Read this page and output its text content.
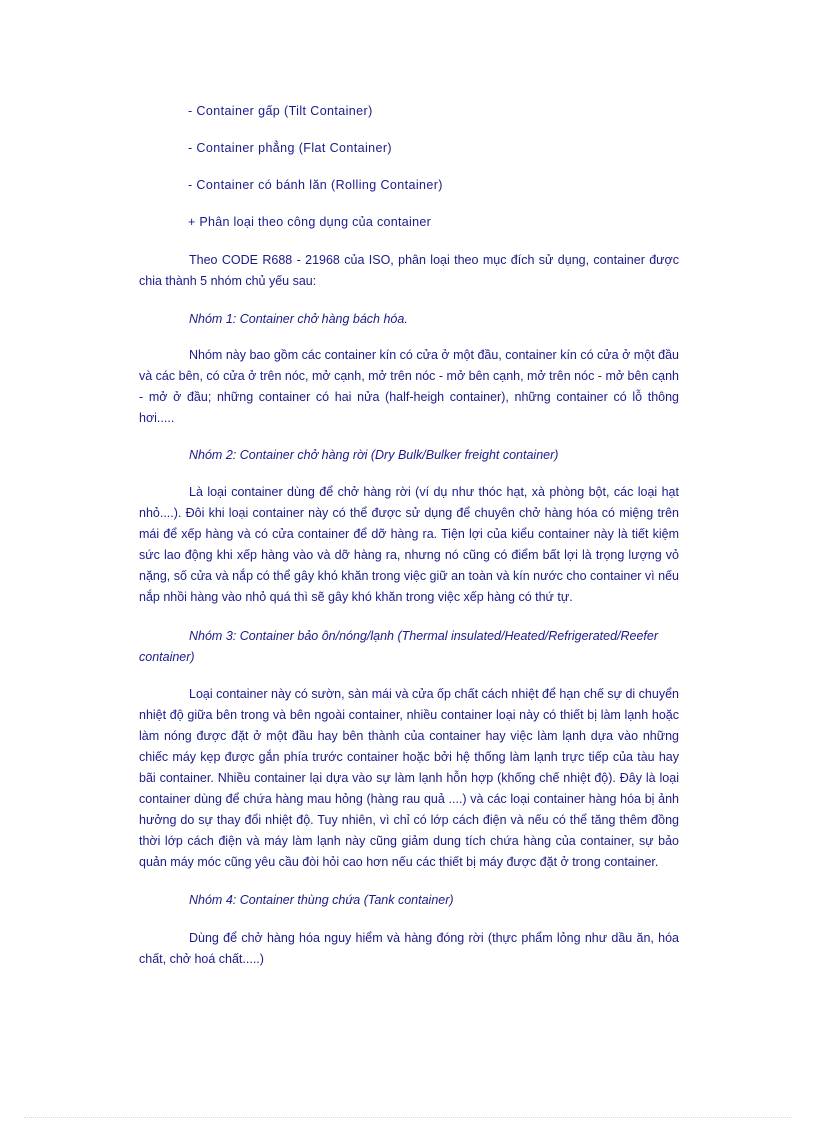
- Container gấp (Tilt Container)
- Container phẳng (Flat Container)
- Container có bánh lăn (Rolling Container)
+ Phân loại theo công dụng của container
Theo CODE R688 - 21968 của ISO, phân loại theo mục đích sử dụng, container được chia thành 5 nhóm chủ yếu sau:
Nhóm 1: Container chở hàng bách hóa.
Nhóm này bao gồm các container kín có cửa ở một đầu, container kín có cửa ở một đầu và các bên, có cửa ở trên nóc, mở cạnh, mở trên nóc - mở bên cạnh, mở trên nóc - mở bên cạnh - mở ở đầu; những container có hai nửa (half-heigh container), những container có lỗ thông hơi.....
Nhóm 2: Container chở hàng rời (Dry Bulk/Bulker freight container)
Là loại container dùng để chở hàng rời (ví dụ như thóc hạt, xà phòng bột, các loại hạt nhỏ....). Đôi khi loại container này có thể được sử dụng để chuyên chở hàng hóa có miệng trên mái để xếp hàng và có cửa container để dỡ hàng ra. Tiện lợi của kiểu container này là tiết kiệm sức lao động khi xếp hàng vào và dỡ hàng ra, nhưng nó cũng có điểm bất lợi là trọng lượng vỏ nặng, số cửa và nắp có thể gây khó khăn trong việc giữ an toàn và kín nước cho container vì nếu nắp nhồi hàng vào nhỏ quá thì sẽ gây khó khăn trong việc xếp hàng có thứ tự.
Nhóm 3: Container bảo ôn/nóng/lạnh (Thermal insulated/Heated/Refrigerated/Reefer container)
Loại container này có sườn, sàn mái và cửa ốp chất cách nhiệt để hạn chế sự di chuyển nhiệt độ giữa bên trong và bên ngoài container, nhiều container loại này có thiết bị làm lạnh hoặc làm nóng được đặt ở một đầu hay bên thành của container hay việc làm lạnh dựa vào những chiếc máy kẹp được gắn phía trước container hoặc bởi hệ thống làm lạnh trực tiếp của tàu hay bãi container. Nhiều container lại dựa vào sự làm lạnh hỗn hợp (khống chế nhiệt độ). Đây là loại container dùng để chứa hàng mau hỏng (hàng rau quả ....) và các loại container hàng hóa bị ảnh hưởng do sự thay đổi nhiệt độ. Tuy nhiên, vì chỉ có lớp cách điện và nếu có thể tăng thêm đồng thời lớp cách điện và máy làm lạnh này cũng giảm dung tích chứa hàng của container, sự bảo quản máy móc cũng yêu cầu đòi hỏi cao hơn nếu các thiết bị máy được đặt ở trong container.
Nhóm 4: Container thùng chứa (Tank container)
Dùng để chở hàng hóa nguy hiểm và hàng đóng rời (thực phẩm lỏng như dầu ăn, hóa chất, chở hoá chất.....)
